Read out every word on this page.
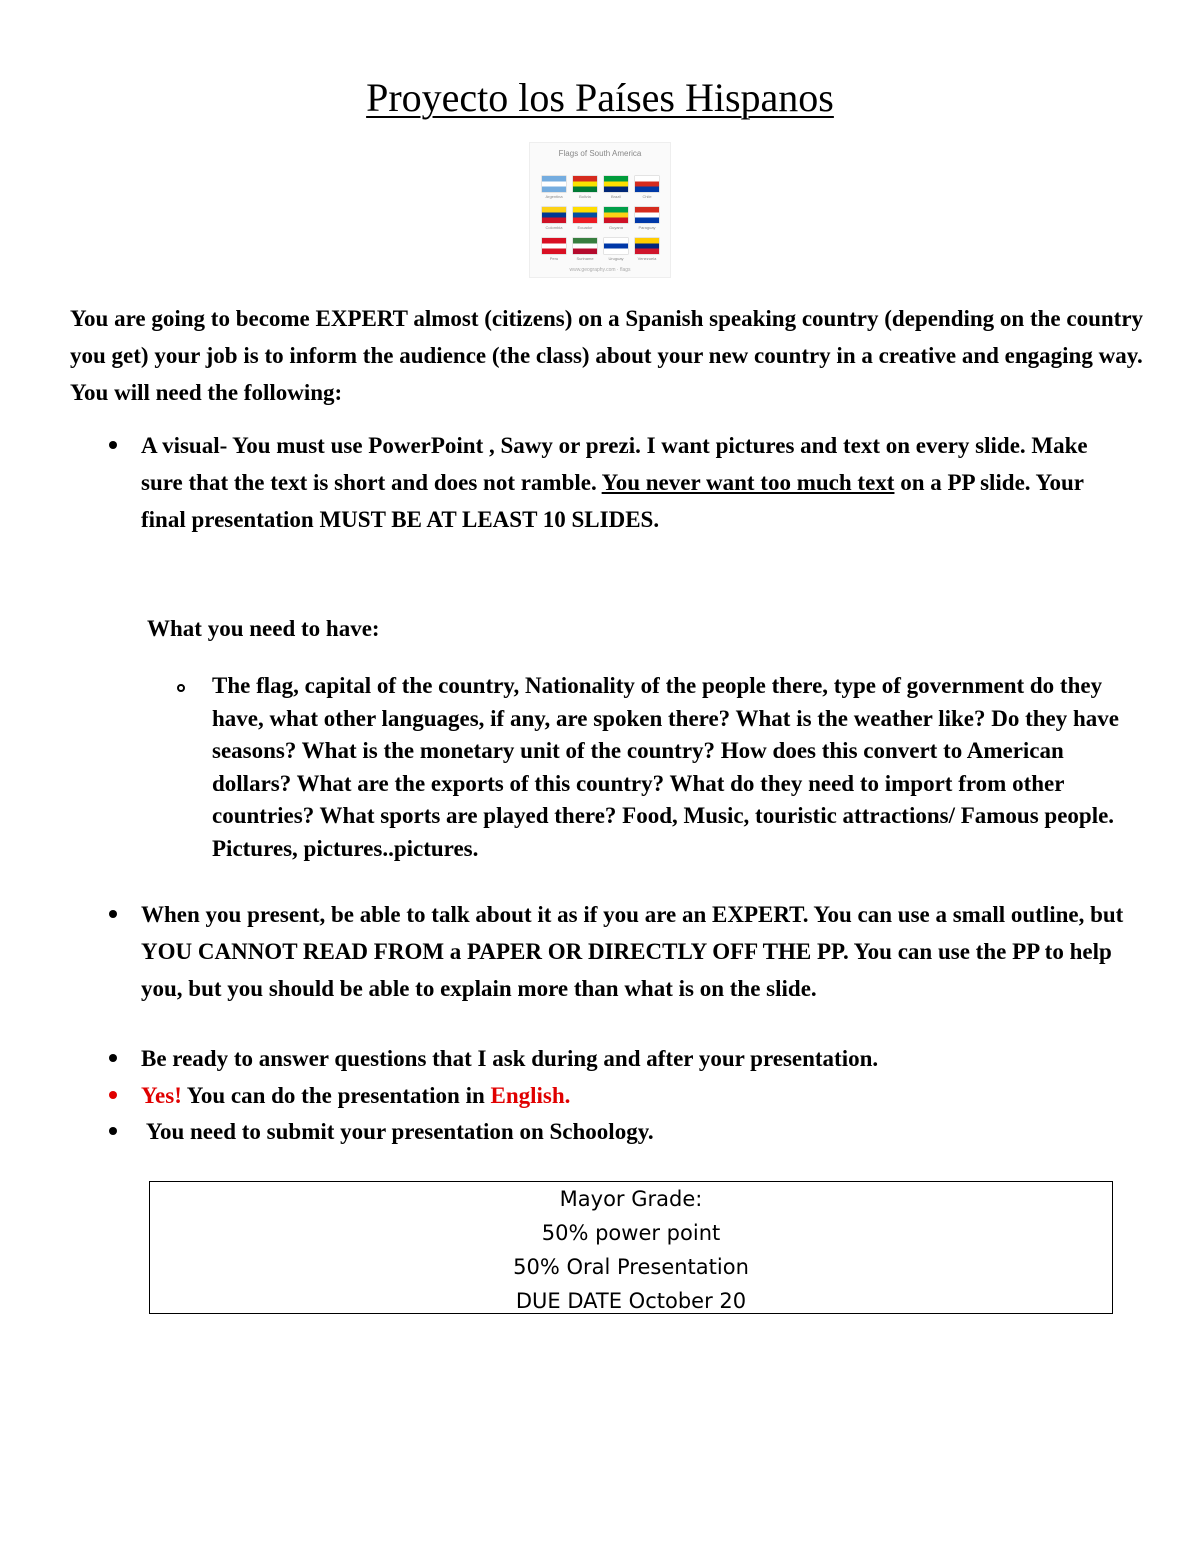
Proyecto los Países Hispanos
Flags of South America
www.geography.com · flags
Argentina	Bolivia	Brazil	Chile
Colombia	Ecuador	Guyana	Paraguay
Peru	Suriname	Uruguay	Venezuela

You are going to become EXPERT almost (citizens) on a Spanish speaking country (depending on the country you get) your job is to inform the audience (the class) about your new country in a creative and engaging way. You will need the following:

A visual- You must use PowerPoint , Sawy or prezi. I want pictures and text on every slide. Make sure that the text is short and does not ramble. You never want too much text on a PP slide. Your final presentation MUST BE AT LEAST 10 SLIDES.

What you need to have:

The flag, capital of the country, Nationality of the people there, type of government do they have, what other languages, if any, are spoken there? What is the weather like? Do they have seasons? What is the monetary unit of the country? How does this convert to American dollars? What are the exports of this country? What do they need to import from other countries? What sports are played there? Food, Music, touristic attractions/ Famous people. Pictures, pictures..pictures.

When you present, be able to talk about it as if you are an EXPERT. You can use a small outline, but YOU CANNOT READ FROM a PAPER OR DIRECTLY OFF THE PP. You can use the PP to help you, but you should be able to explain more than what is on the slide.

Be ready to answer questions that I ask during and after your presentation.

Yes! You can do the presentation in English.

You need to submit your presentation on Schoology.

Mayor Grade:
50% power point
50% Oral Presentation
DUE DATE October 20
